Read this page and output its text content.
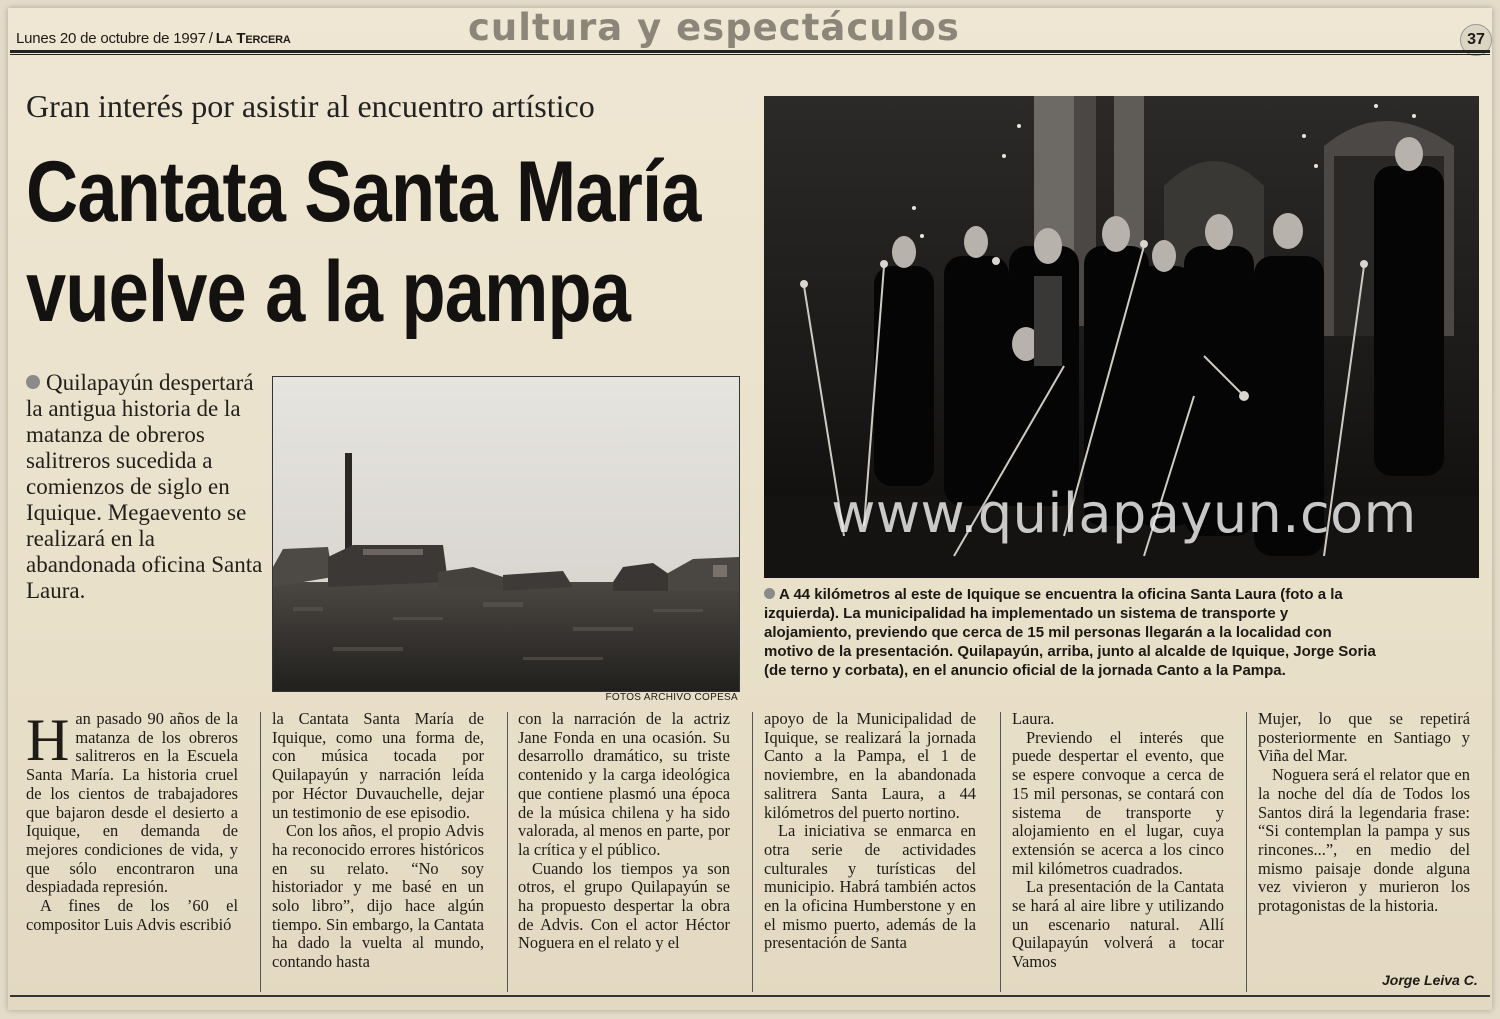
Lunes 20 de octubre de 1997 / La Tercera	cultura y espectáculos	37
Gran interés por asistir al encuentro artístico
Cantata Santa María
vuelve a la pampa
Quilapayún despertará la antigua historia de la matanza de obreros salitreros sucedida a comienzos de siglo en Iquique. Megaevento se realizará en la abandonada oficina Santa Laura.
FOTOS ARCHIVO COPESA
www.quilapayun.com
A 44 kilómetros al este de Iquique se encuentra la oficina Santa Laura (foto a la izquierda). La municipalidad ha implementado un sistema de transporte y alojamiento, previendo que cerca de 15 mil personas llegarán a la localidad con motivo de la presentación. Quilapayún, arriba, junto al alcalde de Iquique, Jorge Soria (de terno y corbata), en el anuncio oficial de la jornada Canto a la Pampa.

Han pasado 90 años de la matanza de los obreros salitreros en la Escuela Santa María. La historia cruel de los cientos de trabajadores que bajaron desde el desierto a Iquique, en demanda de mejores condiciones de vida, y que sólo encontraron una despiadada represión.

A fines de los ’60 el compositor Luis Advis escribió

la Cantata Santa María de Iquique, como una forma de, con música tocada por Quilapayún y narración leída por Héctor Duvauchelle, dejar un testimonio de ese episodio.

Con los años, el propio Advis ha reconocido errores históricos en su relato. “No soy historiador y me basé en un solo libro”, dijo hace algún tiempo. Sin embargo, la Cantata ha dado la vuelta al mundo, contando hasta

con la narración de la actriz Jane Fonda en una ocasión. Su desarrollo dramático, su triste contenido y la carga ideológica que contiene plasmó una época de la música chilena y ha sido valorada, al menos en parte, por la crítica y el público.

Cuando los tiempos ya son otros, el grupo Quilapayún se ha propuesto despertar la obra de Advis. Con el actor Héctor Noguera en el relato y el

apoyo de la Municipalidad de Iquique, se realizará la jornada Canto a la Pampa, el 1 de noviembre, en la abandonada salitrera Santa Laura, a 44 kilómetros del puerto nortino.

La iniciativa se enmarca en otra serie de actividades culturales y turísticas del municipio. Habrá también actos en la oficina Humberstone y en el mismo puerto, además de la presentación de Santa

Laura.

Previendo el interés que puede despertar el evento, que se espere convoque a cerca de 15 mil personas, se contará con sistema de transporte y alojamiento en el lugar, cuya extensión se acerca a los cinco mil kilómetros cuadrados.

La presentación de la Cantata se hará al aire libre y utilizando un escenario natural. Allí Quilapayún volverá a tocar Vamos

Mujer, lo que se repetirá posteriormente en Santiago y Viña del Mar.

Noguera será el relator que en la noche del día de Todos los Santos dirá la legendaria frase: “Si contemplan la pampa y sus rincones...”, en medio del mismo paisaje donde alguna vez vivieron y murieron los protagonistas de la historia.

Jorge Leiva C.
